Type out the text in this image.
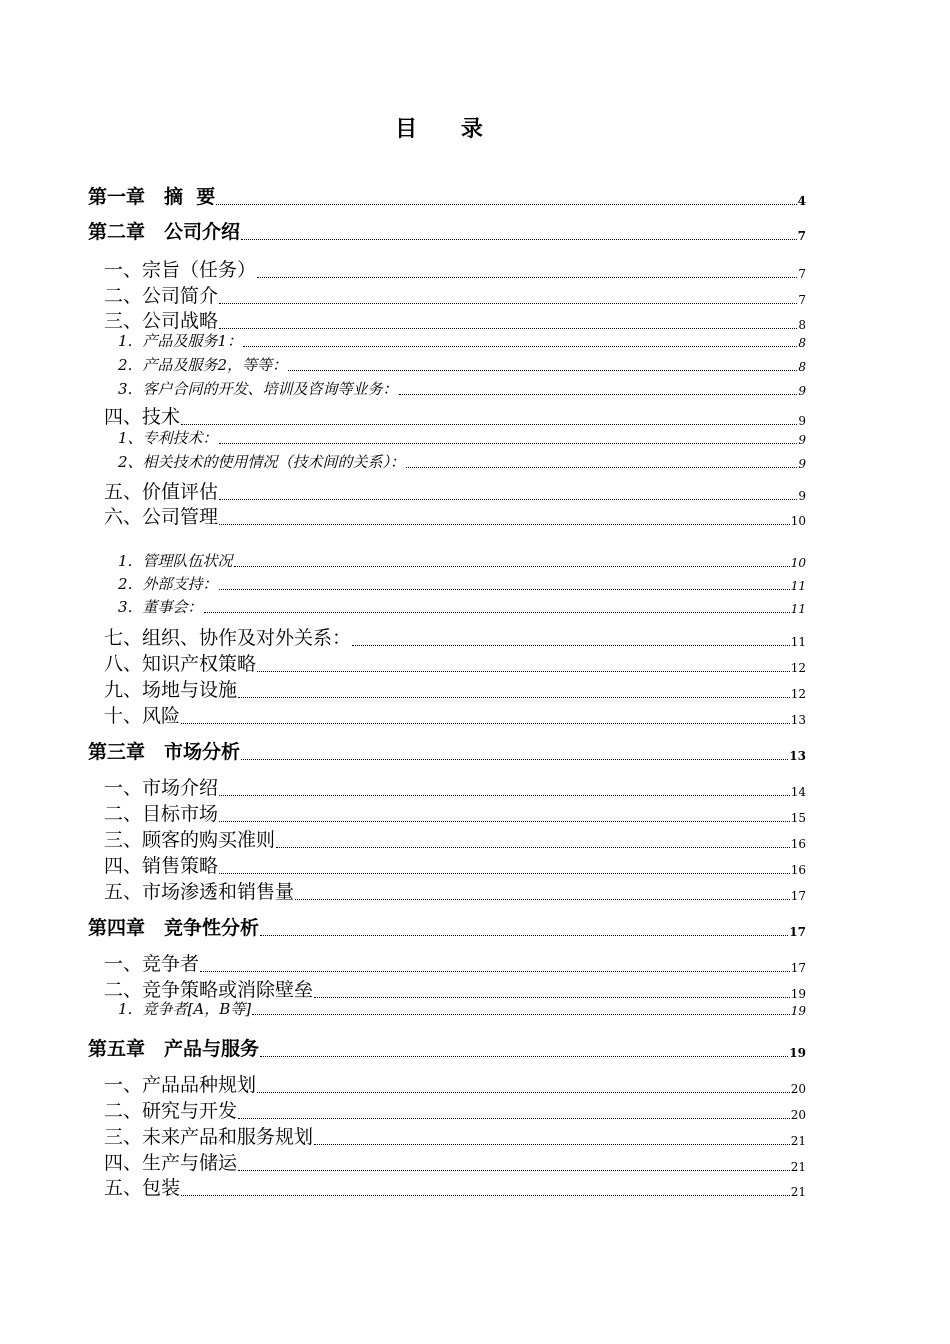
目 录
第一章　摘  要	4
第二章　公司介绍	7
一、宗旨（任务）	7
二、公司简介	7
三、公司战略	8
1．产品及服务1：	8
2．产品及服务2，等等：	8
3．客户合同的开发、培训及咨询等业务：	9
四、技术	9
1、专利技术：	9
2、相关技术的使用情况（技术间的关系）：	9
五、价值评估	9
六、公司管理	10
1．管理队伍状况	10
2．外部支持：	11
3．董事会：	11
七、组织、协作及对外关系：	11
八、知识产权策略	12
九、场地与设施	12
十、风险	13
第三章　市场分析	13
一、市场介绍	14
二、目标市场	15
三、顾客的购买准则	16
四、销售策略	16
五、市场渗透和销售量	17
第四章　竞争性分析	17
一、竞争者	17
二、竞争策略或消除壁垒	19
1．竞争者[A，B等]	19
第五章　产品与服务	19
一、产品品种规划	20
二、研究与开发	20
三、未来产品和服务规划	21
四、生产与储运	21
五、包装	21
